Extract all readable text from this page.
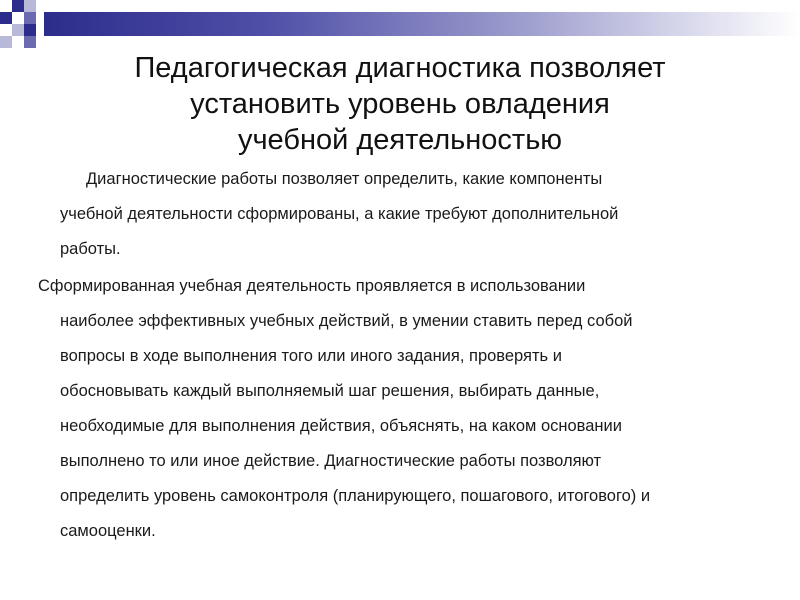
Педагогическая диагностика позволяет
установить уровень овладения
учебной деятельностью

Диагностические работы позволяет определить, какие компоненты
учебной деятельности сформированы, а какие требуют дополнительной
работы.

Сформированная учебная деятельность проявляется в использовании
наиболее эффективных учебных действий, в умении ставить перед собой
вопросы в ходе выполнения того или иного задания, проверять и
обосновывать каждый выполняемый шаг решения, выбирать данные,
необходимые для выполнения действия, объяснять, на каком основании
выполнено то или иное действие. Диагностические работы позволяют
определить уровень самоконтроля (планирующего, пошагового, итогового) и
самооценки.
